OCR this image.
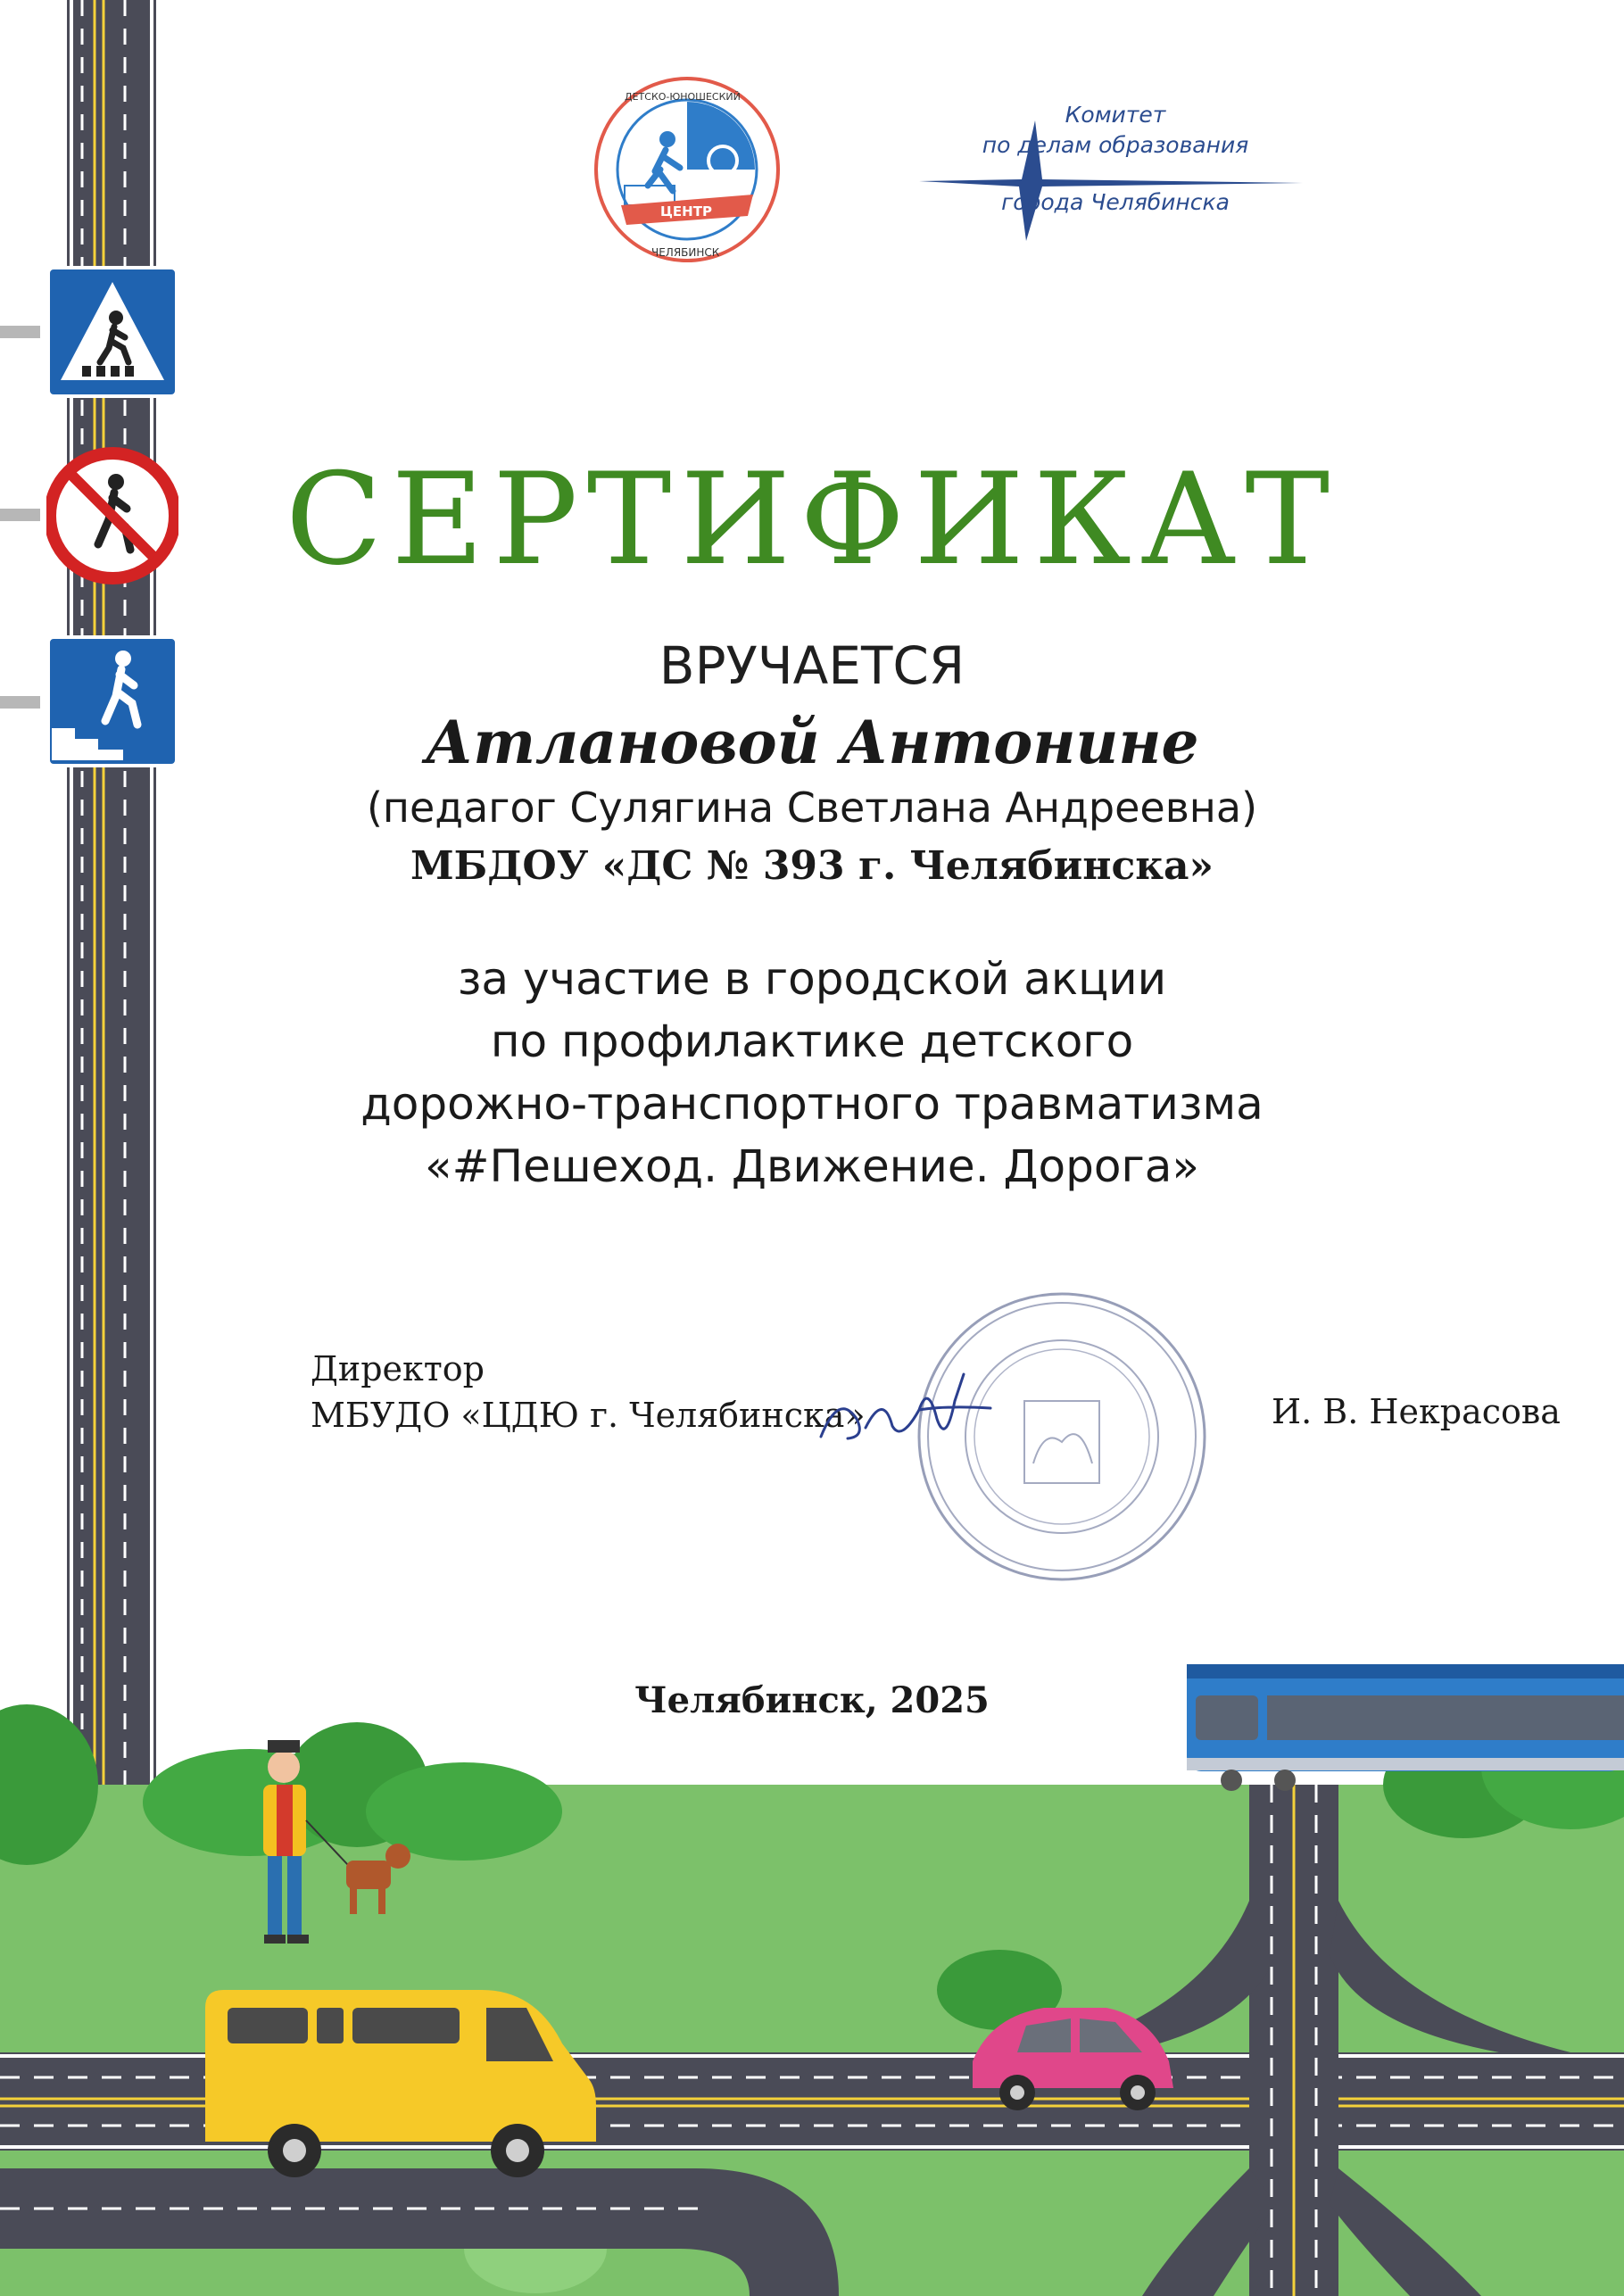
ЦЕНТР
ДЕТСКО-ЮНОШЕСКИЙ
ЧЕЛЯБИНСК
Комитет
по делам образования
города Челябинска
СЕРТИФИКАТ
ВРУЧАЕТСЯ
Атлановой Антонине
(педагог Сулягина Светлана Андреевна)
МБДОУ «ДС № 393 г. Челябинска»
за участие в городской акции
по профилактике детского
дорожно-транспортного травматизма
«#Пешеход. Движение. Дорога»
Директор
МБУДО «ЦДЮ г. Челябинска»	И. В. Некрасова
Челябинск, 2025
